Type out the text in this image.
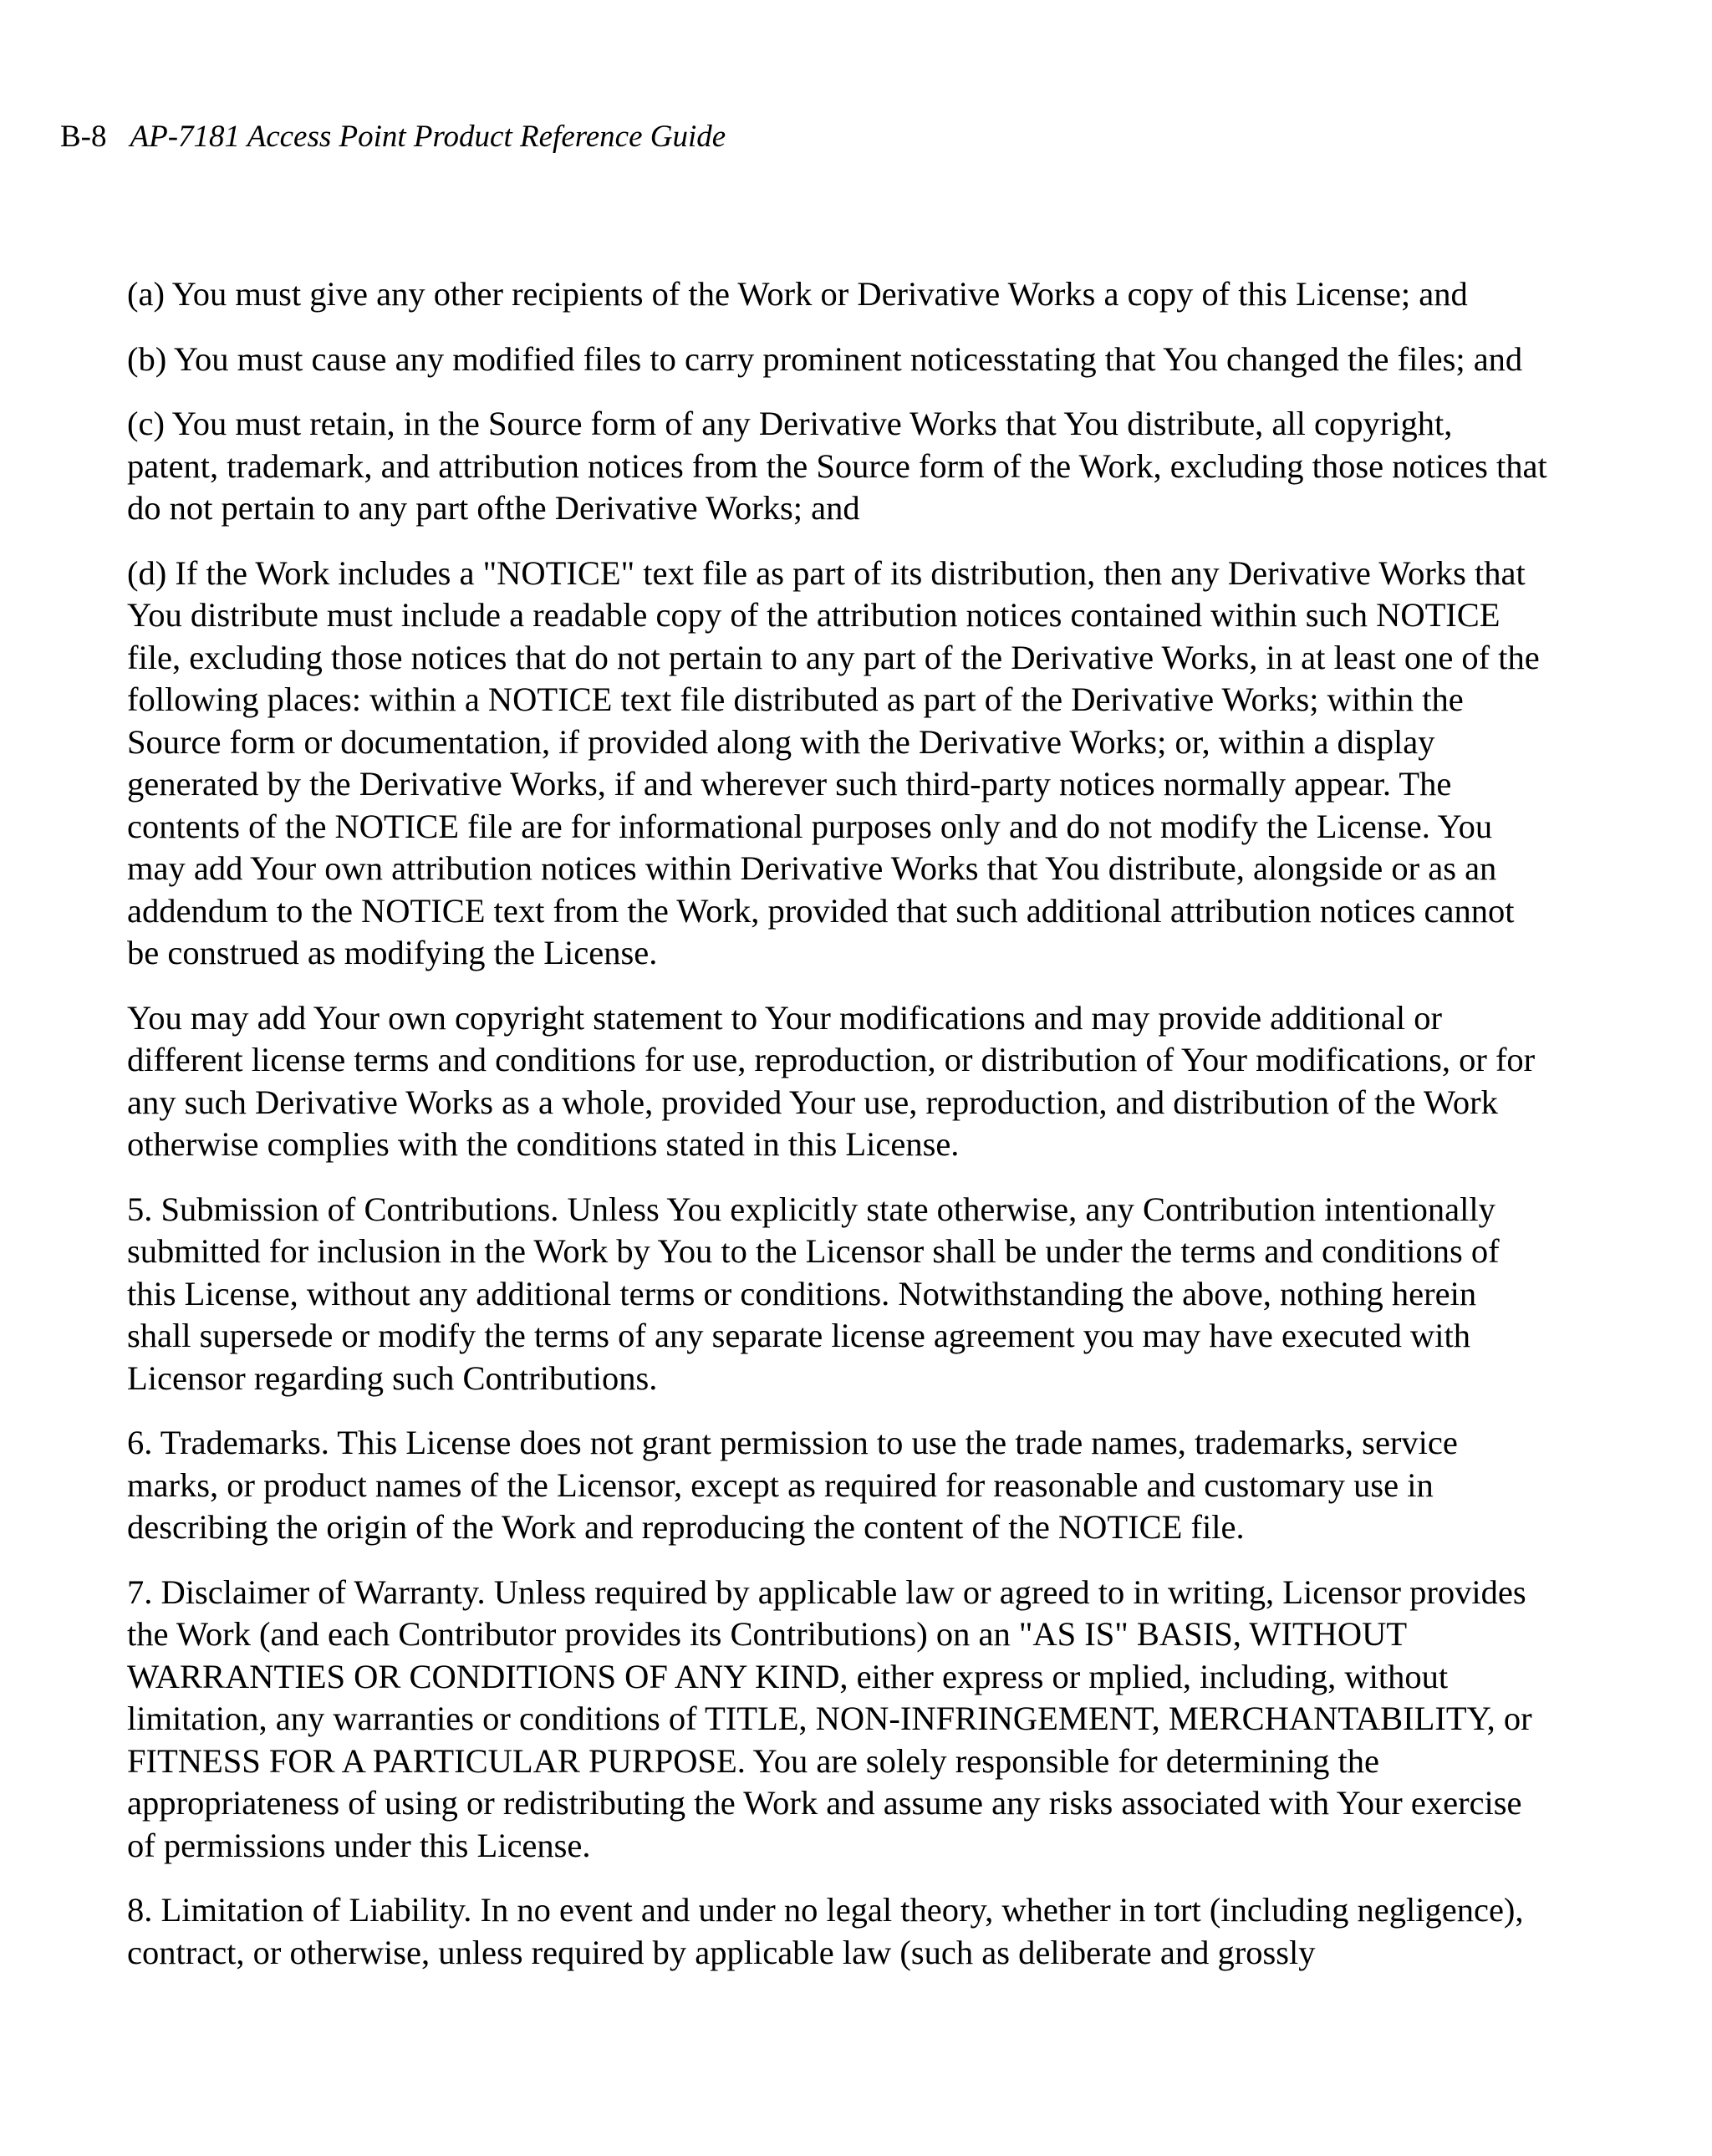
B-8 AP-7181 Access Point Product Reference Guide

(a) You must give any other recipients of the Work or Derivative Works a copy of this License; and

(b) You must cause any modified files to carry prominent noticesstating that You changed the files; and

(c) You must retain, in the Source form of any Derivative Works that You distribute, all copyright, patent, trademark, and attribution notices from the Source form of the Work, excluding those notices that do not pertain to any part ofthe Derivative Works; and

(d) If the Work includes a "NOTICE" text file as part of its distribution, then any Derivative Works that You distribute must include a readable copy of the attribution notices contained within such NOTICE file, excluding those notices that do not pertain to any part of the Derivative Works, in at least one of the following places: within a NOTICE text file distributed as part of the Derivative Works; within the Source form or documentation, if provided along with the Derivative Works; or, within a display generated by the Derivative Works, if and wherever such third-party notices normally appear. The contents of the NOTICE file are for informational purposes only and do not modify the License. You may add Your own attribution notices within Derivative Works that You distribute, alongside or as an addendum to the NOTICE text from the Work, provided that such additional attribution notices cannot be construed as modifying the License.

You may add Your own copyright statement to Your modifications and may provide additional or different license terms and conditions for use, reproduction, or distribution of Your modifications, or for any such Derivative Works as a whole, provided Your use, reproduction, and distribution of the Work otherwise complies with the conditions stated in this License.

5. Submission of Contributions. Unless You explicitly state otherwise, any Contribution intentionally submitted for inclusion in the Work by You to the Licensor shall be under the terms and conditions of this License, without any additional terms or conditions. Notwithstanding the above, nothing herein shall supersede or modify the terms of any separate license agreement you may have executed with Licensor regarding such Contributions.

6. Trademarks. This License does not grant permission to use the trade names, trademarks, service marks, or product names of the Licensor, except as required for reasonable and customary use in describing the origin of the Work and reproducing the content of the NOTICE file.

7. Disclaimer of Warranty. Unless required by applicable law or agreed to in writing, Licensor provides the Work (and each Contributor provides its Contributions) on an "AS IS" BASIS, WITHOUT WARRANTIES OR CONDITIONS OF ANY KIND, either express or mplied, including, without limitation, any warranties or conditions of TITLE, NON-INFRINGEMENT, MERCHANTABILITY, or FITNESS FOR A PARTICULAR PURPOSE. You are solely responsible for determining the appropriateness of using or redistributing the Work and assume any risks associated with Your exercise of permissions under this License.

8. Limitation of Liability. In no event and under no legal theory, whether in tort (including negligence), contract, or otherwise, unless required by applicable law (such as deliberate and grossly
